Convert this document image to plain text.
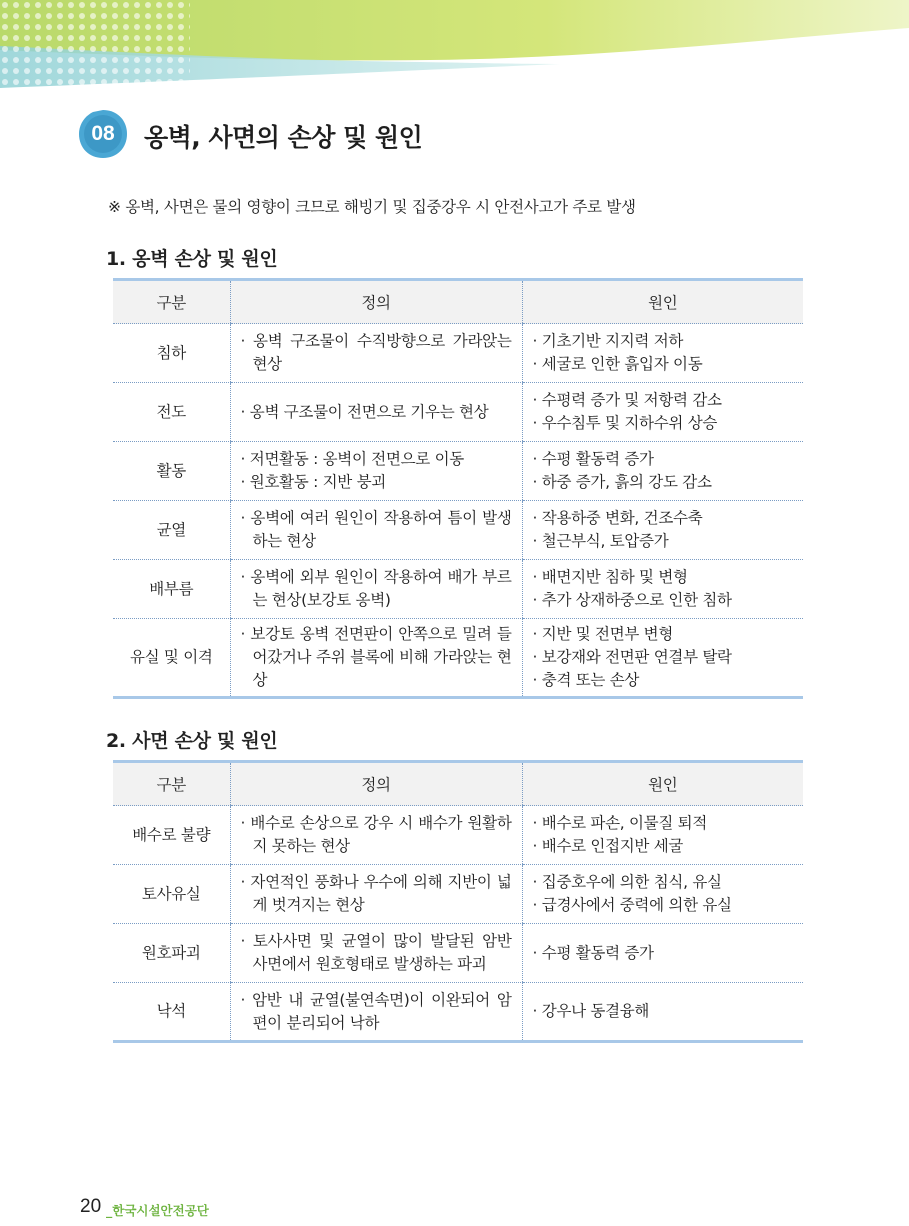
08	옹벽, 사면의 손상 및 원인
※ 옹벽, 사면은 물의 영향이 크므로 해빙기 및 집중강우 시 안전사고가 주로 발생
1. 옹벽 손상 및 원인
구분	정의	원인
침하	· 옹벽 구조물이 수직방향으로 가라앉는 현상	· 기초기반 지지력 저하
· 세굴로 인한 흙입자 이동

전도	· 옹벽 구조물이 전면으로 기우는 현상	· 수평력 증가 및 저항력 감소
· 우수침투 및 지하수위 상승

활동	· 저면활동 : 옹벽이 전면으로 이동
· 원호활동 : 지반 붕괴	· 수평 활동력 증가
· 하중 증가, 흙의 강도 감소

균열	· 옹벽에 여러 원인이 작용하여 틈이 발생하는 현상	· 작용하중 변화, 건조수축
· 철근부식, 토압증가

배부름	· 옹벽에 외부 원인이 작용하여 배가 부르는 현상(보강토 옹벽)	· 배면지반 침하 및 변형
· 추가 상재하중으로 인한 침하

유실 및 이격	· 보강토 옹벽 전면판이 안쪽으로 밀려 들어갔거나 주위 블록에 비해 가라앉는 현상	· 지반 및 전면부 변형
· 보강재와 전면판 연결부 탈락
· 충격 또는 손상
2. 사면 손상 및 원인
구분	정의	원인
배수로 불량	· 배수로 손상으로 강우 시 배수가 원활하지 못하는 현상	· 배수로 파손, 이물질 퇴적
· 배수로 인접지반 세굴

토사유실	· 자연적인 풍화나 우수에 의해 지반이 넓게 벗겨지는 현상	· 집중호우에 의한 침식, 유실
· 급경사에서 중력에 의한 유실

원호파괴	· 토사사면 및 균열이 많이 발달된 암반 사면에서 원호형태로 발생하는 파괴	· 수평 활동력 증가

낙석	· 암반 내 균열(불연속면)이 이완되어 암편이 분리되어 낙하	· 강우나 동결융해
20 _한국시설안전공단
